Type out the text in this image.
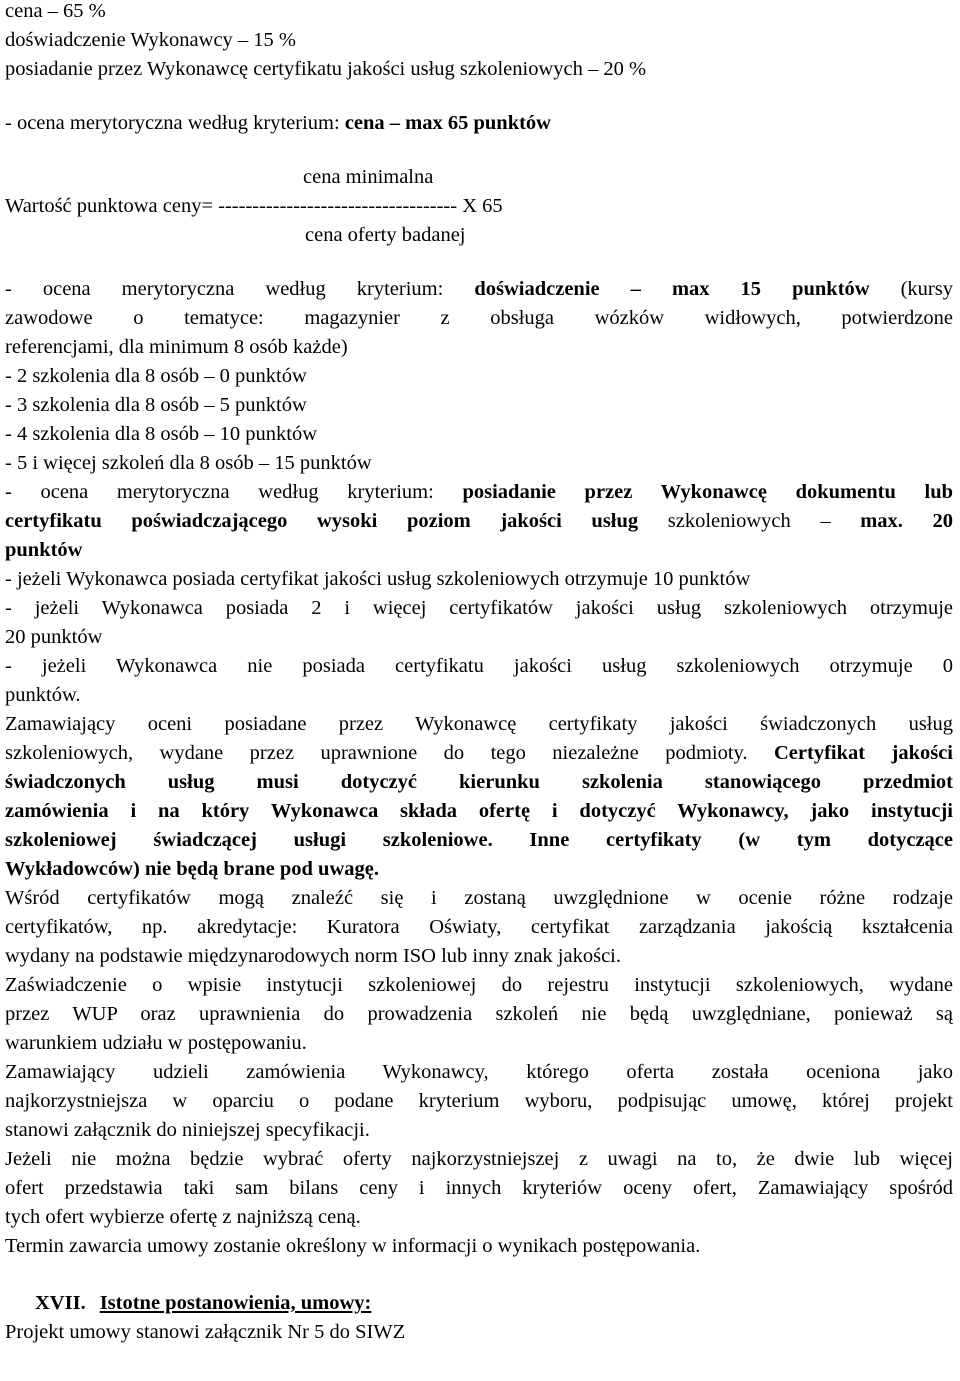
cena – 65 %
doświadczenie Wykonawcy – 15 %
posiadanie przez Wykonawcę certyfikatu jakości usług szkoleniowych – 20 %
- ocena merytoryczna według kryterium: cena – max 65 punktów
cena minimalna
Wartość punktowa ceny= ----------------------------------- X 65
cena oferty badanej
- ocena merytoryczna według kryterium: doświadczenie – max 15 punktów (kursy
zawodowe o tematyce: magazynier z obsługa wózków widłowych, potwierdzone
referencjami, dla minimum 8 osób każde)
- 2 szkolenia dla 8 osób – 0 punktów
- 3 szkolenia dla 8 osób – 5 punktów
- 4 szkolenia dla 8 osób – 10 punktów
- 5 i więcej szkoleń dla 8 osób – 15 punktów
- ocena merytoryczna według kryterium: posiadanie przez Wykonawcę dokumentu lub
certyfikatu poświadczającego wysoki poziom jakości usług szkoleniowych – max. 20
punktów
- jeżeli Wykonawca posiada certyfikat jakości usług szkoleniowych otrzymuje 10 punktów
- jeżeli Wykonawca posiada 2 i więcej certyfikatów jakości usług szkoleniowych otrzymuje
20 punktów
- jeżeli Wykonawca nie posiada certyfikatu jakości usług szkoleniowych otrzymuje 0
punktów.
Zamawiający oceni posiadane przez Wykonawcę certyfikaty jakości świadczonych usług
szkoleniowych, wydane przez uprawnione do tego niezależne podmioty. Certyfikat jakości
świadczonych usług musi dotyczyć kierunku szkolenia stanowiącego przedmiot
zamówienia i na który Wykonawca składa ofertę i dotyczyć Wykonawcy, jako instytucji
szkoleniowej świadczącej usługi szkoleniowe. Inne certyfikaty (w tym dotyczące
Wykładowców) nie będą brane pod uwagę.
Wśród certyfikatów mogą znaleźć się i zostaną uwzględnione w ocenie różne rodzaje
certyfikatów, np. akredytacje: Kuratora Oświaty, certyfikat zarządzania jakością kształcenia
wydany na podstawie międzynarodowych norm ISO lub inny znak jakości.
Zaświadczenie o wpisie instytucji szkoleniowej do rejestru instytucji szkoleniowych, wydane
przez WUP oraz uprawnienia do prowadzenia szkoleń nie będą uwzględniane, ponieważ są
warunkiem udziału w postępowaniu.
Zamawiający udzieli zamówienia Wykonawcy, którego oferta została oceniona jako
najkorzystniejsza w oparciu o podane kryterium wyboru, podpisując umowę, której projekt
stanowi załącznik do niniejszej specyfikacji.
Jeżeli nie można będzie wybrać oferty najkorzystniejszej z uwagi na to, że dwie lub więcej
ofert przedstawia taki sam bilans ceny i innych kryteriów oceny ofert, Zamawiający spośród
tych ofert wybierze ofertę z najniższą ceną.
Termin zawarcia umowy zostanie określony w informacji o wynikach postępowania.
XVII. Istotne postanowienia, umowy:
Projekt umowy stanowi załącznik Nr 5 do SIWZ
